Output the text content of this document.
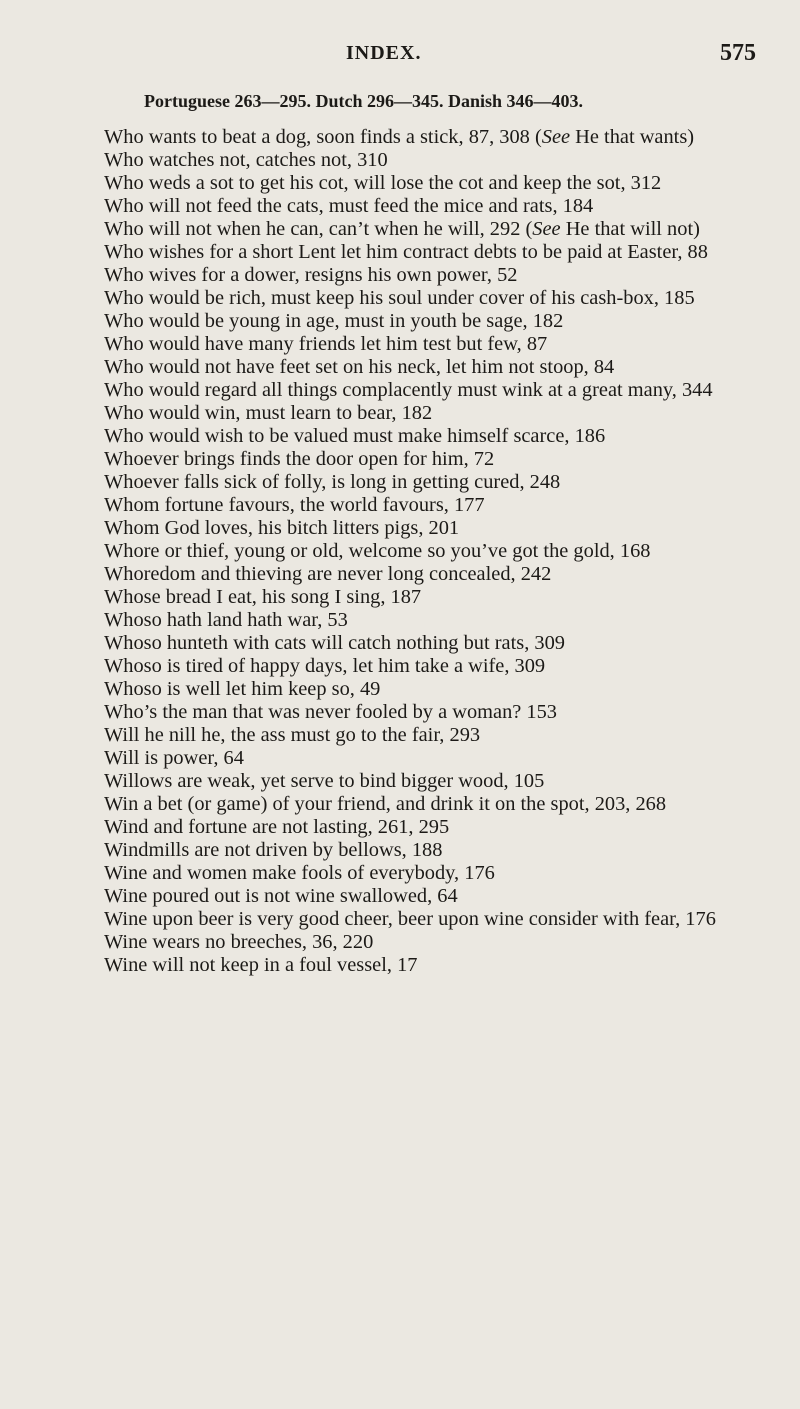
INDEX.	575
Portuguese 263—295. Dutch 296—345. Danish 346—403.

Who wants to beat a dog, soon finds a stick, 87, 308 (See He that wants)

Who watches not, catches not, 310

Who weds a sot to get his cot, will lose the cot and keep the sot, 312

Who will not feed the cats, must feed the mice and rats, 184

Who will not when he can, can’t when he will, 292 (See He that will not)

Who wishes for a short Lent let him contract debts to be paid at Easter, 88

Who wives for a dower, resigns his own power, 52

Who would be rich, must keep his soul under cover of his cash-box, 185

Who would be young in age, must in youth be sage, 182

Who would have many friends let him test but few, 87

Who would not have feet set on his neck, let him not stoop, 84

Who would regard all things complacently must wink at a great many, 344

Who would win, must learn to bear, 182

Who would wish to be valued must make himself scarce, 186

Whoever brings finds the door open for him, 72

Whoever falls sick of folly, is long in getting cured, 248

Whom fortune favours, the world favours, 177

Whom God loves, his bitch litters pigs, 201

Whore or thief, young or old, welcome so you’ve got the gold, 168

Whoredom and thieving are never long concealed, 242

Whose bread I eat, his song I sing, 187

Whoso hath land hath war, 53

Whoso hunteth with cats will catch nothing but rats, 309

Whoso is tired of happy days, let him take a wife, 309

Whoso is well let him keep so, 49

Who’s the man that was never fooled by a woman? 153

Will he nill he, the ass must go to the fair, 293

Will is power, 64

Willows are weak, yet serve to bind bigger wood, 105

Win a bet (or game) of your friend, and drink it on the spot, 203, 268

Wind and fortune are not lasting, 261, 295

Windmills are not driven by bellows, 188

Wine and women make fools of everybody, 176

Wine poured out is not wine swallowed, 64

Wine upon beer is very good cheer, beer upon wine consider with fear, 176

Wine wears no breeches, 36, 220

Wine will not keep in a foul vessel, 17
